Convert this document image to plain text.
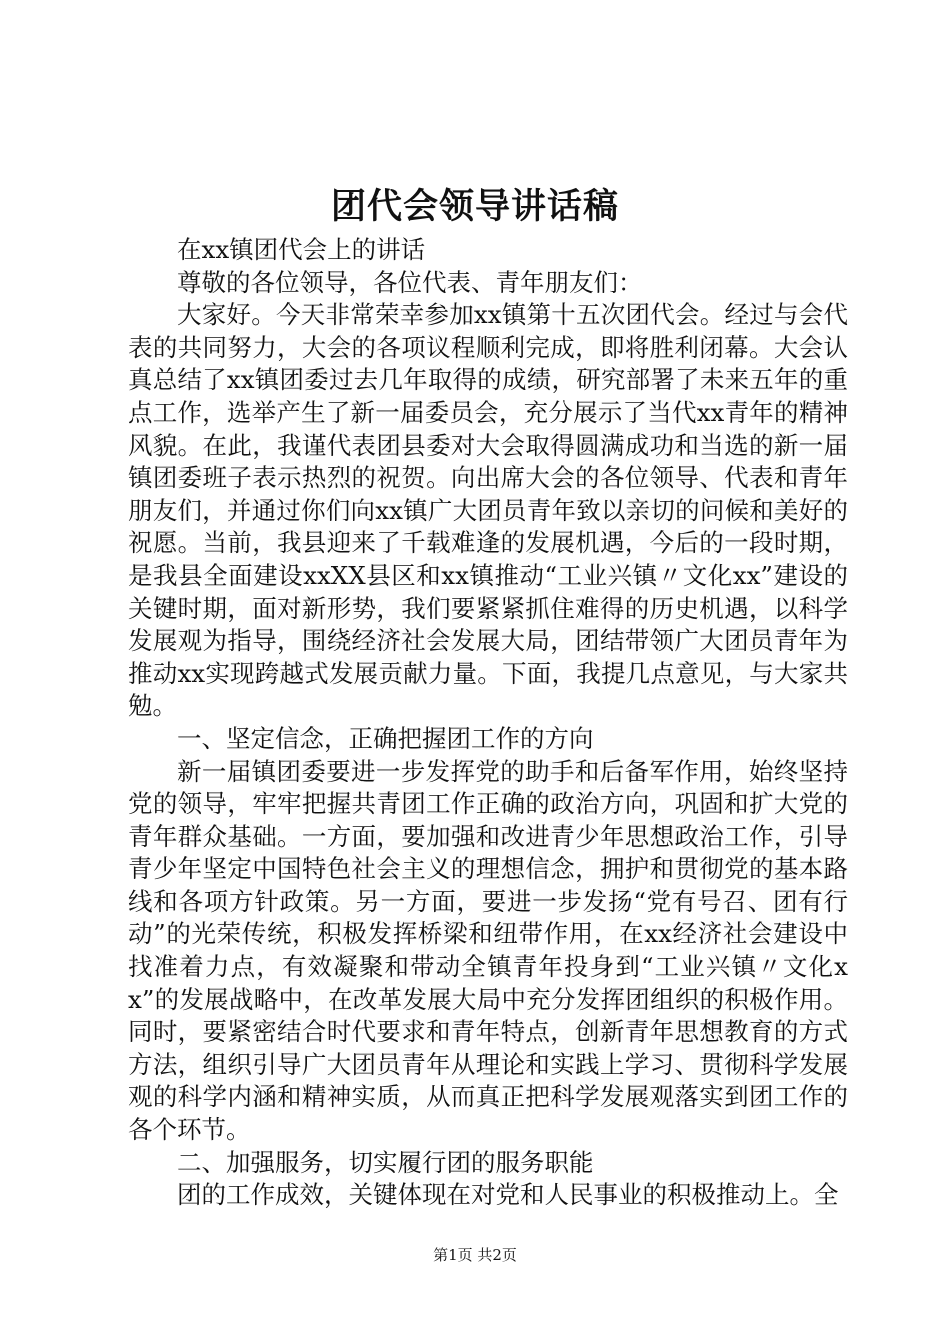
团代会领导讲话稿

在xx镇团代会上的讲话

尊敬的各位领导，各位代表、青年朋友们：

大家好。今天非常荣幸参加xx镇第十五次团代会。经过与会代表的共同努力，大会的各项议程顺利完成，即将胜利闭幕。大会认真总结了xx镇团委过去几年取得的成绩，研究部署了未来五年的重点工作，选举产生了新一届委员会，充分展示了当代xx青年的精神风貌。在此，我谨代表团县委对大会取得圆满成功和当选的新一届镇团委班子表示热烈的祝贺。向出席大会的各位领导、代表和青年朋友们，并通过你们向xx镇广大团员青年致以亲切的问候和美好的祝愿。当前，我县迎来了千载难逢的发展机遇，今后的一段时期，是我县全面建设xxXX县区和xx镇推动“工业兴镇〃文化xx”建设的关键时期，面对新形势，我们要紧紧抓住难得的历史机遇，以科学发展观为指导，围绕经济社会发展大局，团结带领广大团员青年为推动xx实现跨越式发展贡献力量。下面，我提几点意见，与大家共勉。

一、坚定信念，正确把握团工作的方向

新一届镇团委要进一步发挥党的助手和后备军作用，始终坚持党的领导，牢牢把握共青团工作正确的政治方向，巩固和扩大党的青年群众基础。一方面，要加强和改进青少年思想政治工作，引导青少年坚定中国特色社会主义的理想信念，拥护和贯彻党的基本路线和各项方针政策。另一方面，要进一步发扬“党有号召、团有行动”的光荣传统，积极发挥桥梁和纽带作用，在xx经济社会建设中找准着力点，有效凝聚和带动全镇青年投身到“工业兴镇〃文化xx”的发展战略中，在改革发展大局中充分发挥团组织的积极作用。同时，要紧密结合时代要求和青年特点，创新青年思想教育的方式方法，组织引导广大团员青年从理论和实践上学习、贯彻科学发展观的科学内涵和精神实质，从而真正把科学发展观落实到团工作的各个环节。

二、加强服务，切实履行团的服务职能

团的工作成效，关键体现在对党和人民事业的积极推动上。全

第1页 共2页
